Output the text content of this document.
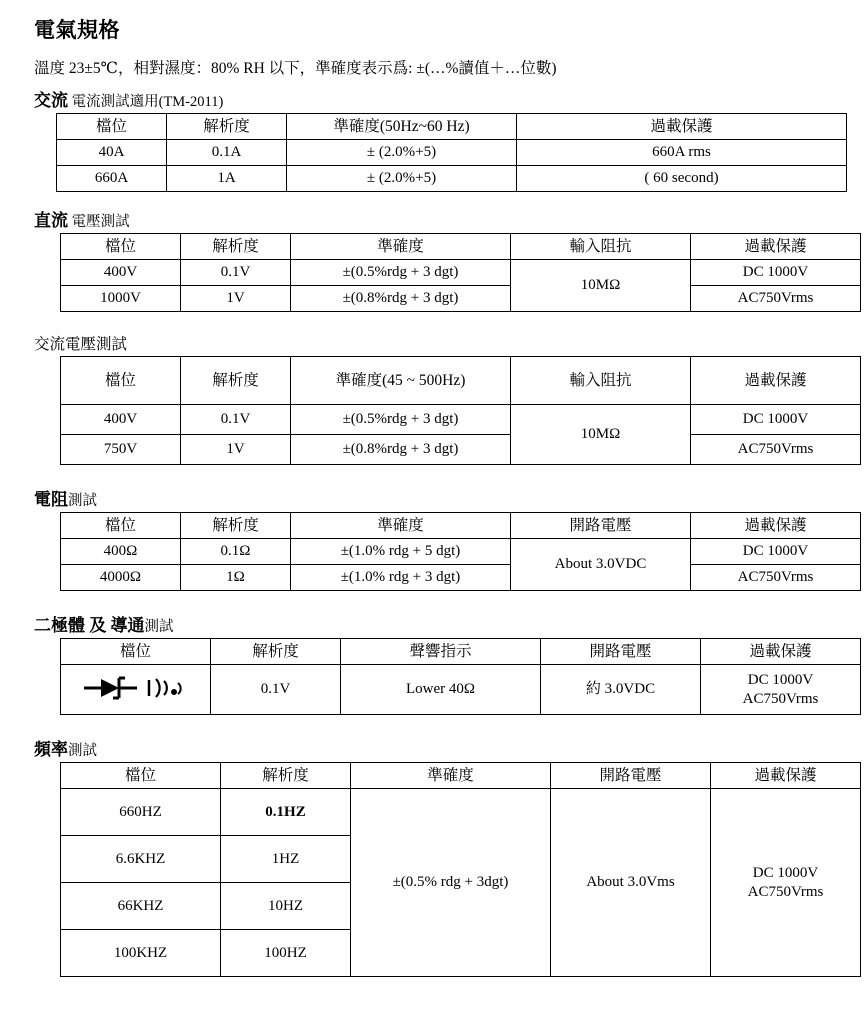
電氣規格

溫度 23±5℃，相對濕度：80% RH 以下，準確度表示爲: ±(…%讀值＋…位數)

交流 電流測試適用(TM-2011)
檔位	解析度	準確度(50Hz~60 Hz)	過載保護
40A	0.1A	± (2.0%+5)	660A rms
660A	1A	± (2.0%+5)	( 60 second)
直流 電壓測試
檔位	解析度	準確度	輸入阻抗	過載保護
400V	0.1V	±(0.5%rdg + 3 dgt)	10MΩ	DC 1000V
1000V	1V	±(0.8%rdg + 3 dgt)		AC750Vrms
交流電壓測試
檔位	解析度	準確度(45 ~ 500Hz)	輸入阻抗	過載保護
400V	0.1V	±(0.5%rdg + 3 dgt)	10MΩ	DC 1000V
750V	1V	±(0.8%rdg + 3 dgt)		AC750Vrms
電阻測試
檔位	解析度	準確度	開路電壓	過載保護
400Ω	0.1Ω	±(1.0% rdg + 5 dgt)	About 3.0VDC	DC 1000V
4000Ω	1Ω	±(1.0% rdg + 3 dgt)		AC750Vrms
二極體 及 導通測試
檔位	解析度	聲響指示	開路電壓	過載保護

	0.1V	Lower 40Ω	約 3.0VDC	DC 1000V
AC750Vrms
頻率測試
檔位	解析度	準確度	開路電壓	過載保護
660HZ	0.1HZ	±(0.5% rdg + 3dgt)	About 3.0Vms	DC 1000V
AC750Vrms

6.6KHZ	1HZ			
66KHZ	10HZ			
100KHZ	100HZ			
